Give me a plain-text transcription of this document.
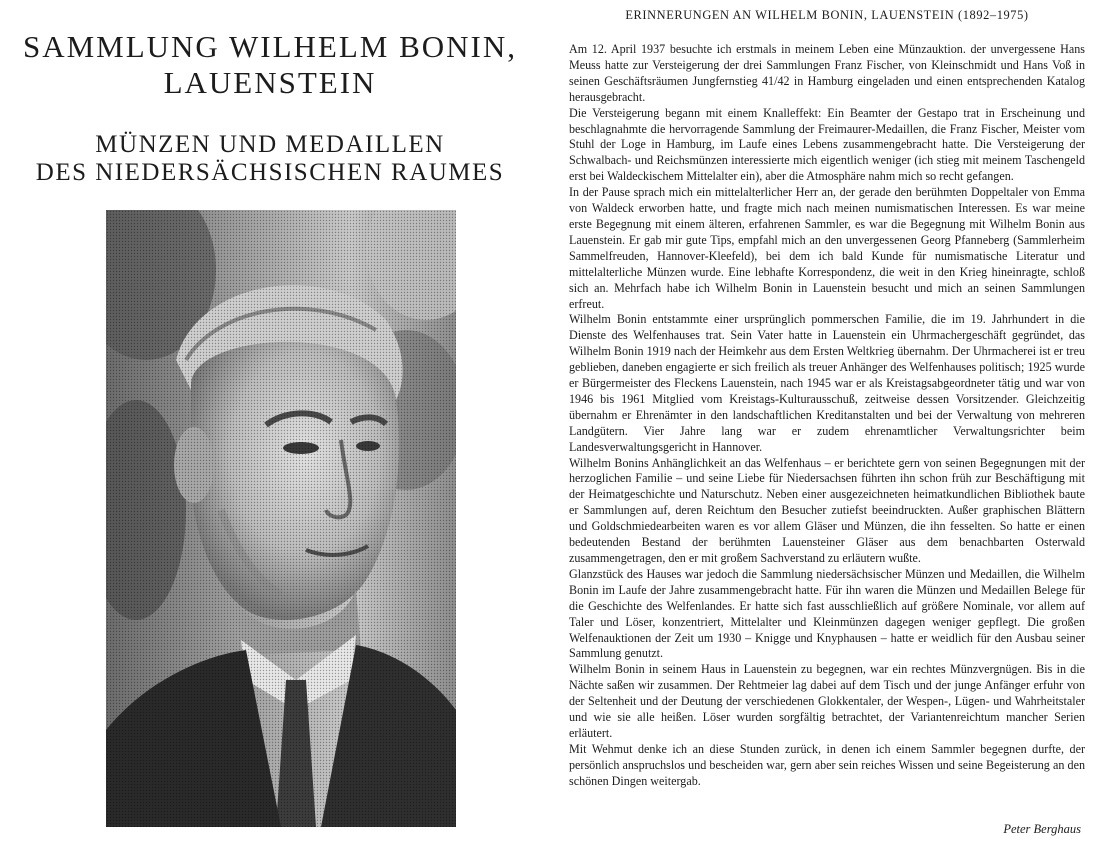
SAMMLUNG WILHELM BONIN,
LAUENSTEIN
MÜNZEN UND MEDAILLEN
DES NIEDERSÄCHSISCHEN RAUMES
ERINNERUNGEN AN WILHELM BONIN, LAUENSTEIN (1892–1975)

Am 12. April 1937 besuchte ich erstmals in meinem Leben eine Münzauktion. der unvergessene Hans Meuss hatte zur Versteigerung der drei Sammlungen Franz Fischer, von Kleinschmidt und Hans Voß in seinen Geschäftsräumen Jungfernstieg 41/42 in Hamburg eingeladen und einen entsprechenden Katalog herausgebracht.

Die Versteigerung begann mit einem Knalleffekt: Ein Beamter der Gestapo trat in Erscheinung und beschlagnahmte die hervorragende Sammlung der Freimaurer-Medaillen, die Franz Fischer, Meister vom Stuhl der Loge in Hamburg, im Laufe eines Lebens zusammengebracht hatte. Die Versteigerung der Schwalbach- und Reichsmünzen interessierte mich eigentlich weniger (ich stieg mit meinem Taschengeld erst bei Waldeckischem Mittelalter ein), aber die Atmosphäre nahm mich so recht gefangen.

In der Pause sprach mich ein mittelalterlicher Herr an, der gerade den berühmten Doppeltaler von Emma von Waldeck erworben hatte, und fragte mich nach meinen numismatischen Interessen. Es war meine erste Begegnung mit einem älteren, erfahrenen Sammler, es war die Begegnung mit Wilhelm Bonin aus Lauenstein. Er gab mir gute Tips, empfahl mich an den unvergessenen Georg Pfanneberg (Sammlerheim Sammelfreuden, Hannover-Kleefeld), bei dem ich bald Kunde für numismatische Literatur und mittelalterliche Münzen wurde. Eine lebhafte Korrespondenz, die weit in den Krieg hineinragte, schloß sich an. Mehrfach habe ich Wilhelm Bonin in Lauenstein besucht und mich an seinen Sammlungen erfreut.

Wilhelm Bonin entstammte einer ursprünglich pommerschen Familie, die im 19. Jahrhundert in die Dienste des Welfenhauses trat. Sein Vater hatte in Lauenstein ein Uhrmachergeschäft gegründet, das Wilhelm Bonin 1919 nach der Heimkehr aus dem Ersten Weltkrieg übernahm. Der Uhrmacherei ist er treu geblieben, daneben engagierte er sich freilich als treuer Anhänger des Welfenhauses politisch; 1925 wurde er Bürgermeister des Fleckens Lauenstein, nach 1945 war er als Kreistagsabgeordneter tätig und war von 1946 bis 1961 Mitglied vom Kreistags-Kulturausschuß, zeitweise dessen Vorsitzender. Gleichzeitig übernahm er Ehrenämter in den landschaftlichen Kreditanstalten und bei der Verwaltung von mehreren Landgütern. Vier Jahre lang war er zudem ehrenamtlicher Verwaltungsrichter beim Landesverwaltungsgericht in Hannover.

Wilhelm Bonins Anhänglichkeit an das Welfenhaus – er berichtete gern von seinen Begegnungen mit der herzoglichen Familie – und seine Liebe für Niedersachsen führten ihn schon früh zur Beschäftigung mit der Heimatgeschichte und Naturschutz. Neben einer ausgezeichneten heimatkundlichen Bibliothek baute er Sammlungen auf, deren Reichtum den Besucher zutiefst beeindruckten. Außer graphischen Blättern und Goldschmiedearbeiten waren es vor allem Gläser und Münzen, die ihn fesselten. So hatte er einen bedeutenden Bestand der berühmten Lauensteiner Gläser aus dem benachbarten Osterwald zusammengetragen, den er mit großem Sachverstand zu erläutern wußte.

Glanzstück des Hauses war jedoch die Sammlung niedersächsischer Münzen und Medaillen, die Wilhelm Bonin im Laufe der Jahre zusammengebracht hatte. Für ihn waren die Münzen und Medaillen Belege für die Geschichte des Welfenlandes. Er hatte sich fast ausschließlich auf größere Nominale, vor allem auf Taler und Löser, konzentriert, Mittelalter und Kleinmünzen dagegen weniger gepflegt. Die großen Welfenauktionen der Zeit um 1930 – Knigge und Knyphausen – hatte er weidlich für den Ausbau seiner Sammlung genutzt.

Wilhelm Bonin in seinem Haus in Lauenstein zu begegnen, war ein rechtes Münzvergnügen. Bis in die Nächte saßen wir zusammen. Der Rehtmeier lag dabei auf dem Tisch und der junge Anfänger erfuhr von der Seltenheit und der Deutung der verschiedenen Glokkentaler, der Wespen-, Lügen- und Wahrheitstaler und wie sie alle heißen. Löser wurden sorgfältig betrachtet, der Variantenreichtum mancher Serien erläutert.

Mit Wehmut denke ich an diese Stunden zurück, in denen ich einem Sammler begegnen durfte, der persönlich anspruchslos und bescheiden war, gern aber sein reiches Wissen und seine Begeisterung an den schönen Dingen weitergab.

Peter Berghaus
